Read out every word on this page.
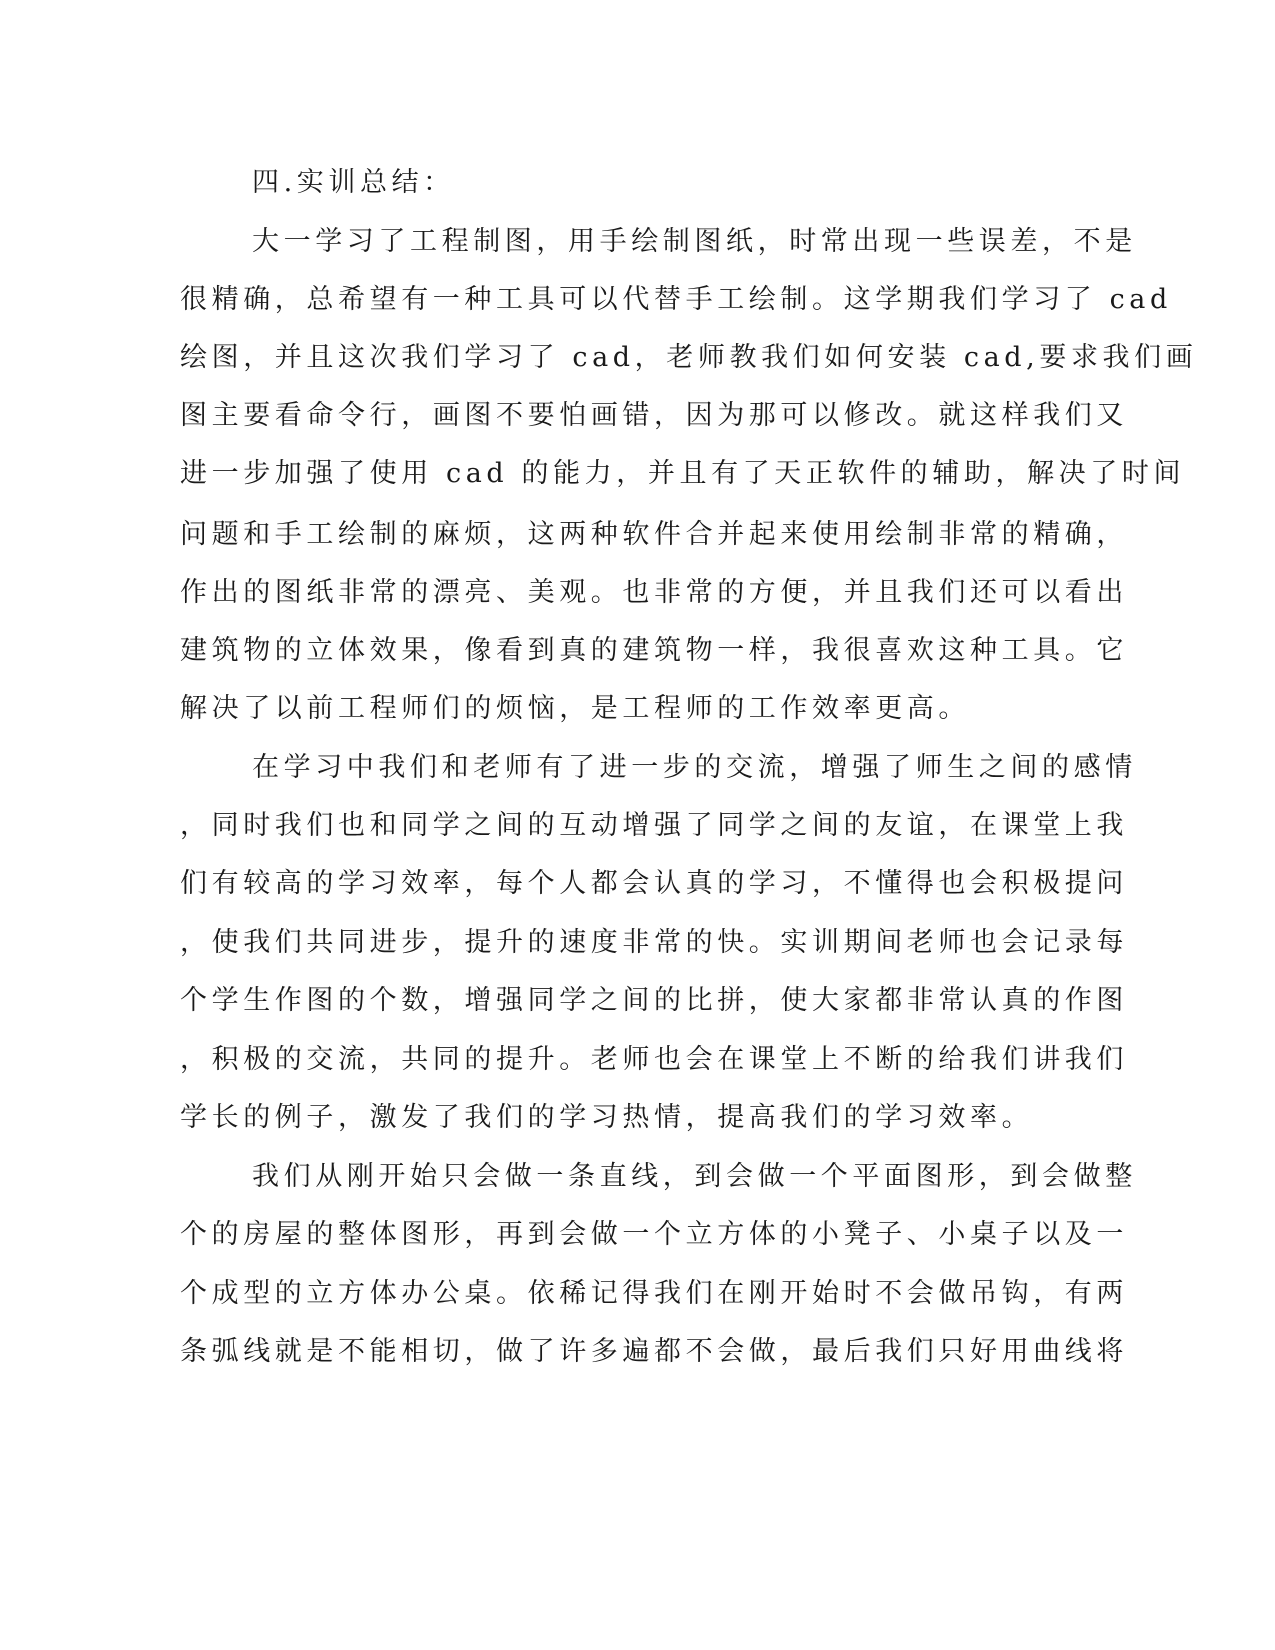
四.实训总结：
大一学习了工程制图，用手绘制图纸，时常出现一些误差，不是
很精确，总希望有一种工具可以代替手工绘制。这学期我们学习了 cad
绘图，并且这次我们学习了 cad，老师教我们如何安装 cad,要求我们画
图主要看命令行，画图不要怕画错，因为那可以修改。就这样我们又
进一步加强了使用 cad 的能力，并且有了天正软件的辅助，解决了时间
问题和手工绘制的麻烦，这两种软件合并起来使用绘制非常的精确，
作出的图纸非常的漂亮、美观。也非常的方便，并且我们还可以看出
建筑物的立体效果，像看到真的建筑物一样，我很喜欢这种工具。它
解决了以前工程师们的烦恼，是工程师的工作效率更高。
在学习中我们和老师有了进一步的交流，增强了师生之间的感情
，同时我们也和同学之间的互动增强了同学之间的友谊，在课堂上我
们有较高的学习效率，每个人都会认真的学习，不懂得也会积极提问
，使我们共同进步，提升的速度非常的快。实训期间老师也会记录每
个学生作图的个数，增强同学之间的比拼，使大家都非常认真的作图
，积极的交流，共同的提升。老师也会在课堂上不断的给我们讲我们
学长的例子，激发了我们的学习热情，提高我们的学习效率。
我们从刚开始只会做一条直线，到会做一个平面图形，到会做整
个的房屋的整体图形，再到会做一个立方体的小凳子、小桌子以及一
个成型的立方体办公桌。依稀记得我们在刚开始时不会做吊钩，有两
条弧线就是不能相切，做了许多遍都不会做，最后我们只好用曲线将
